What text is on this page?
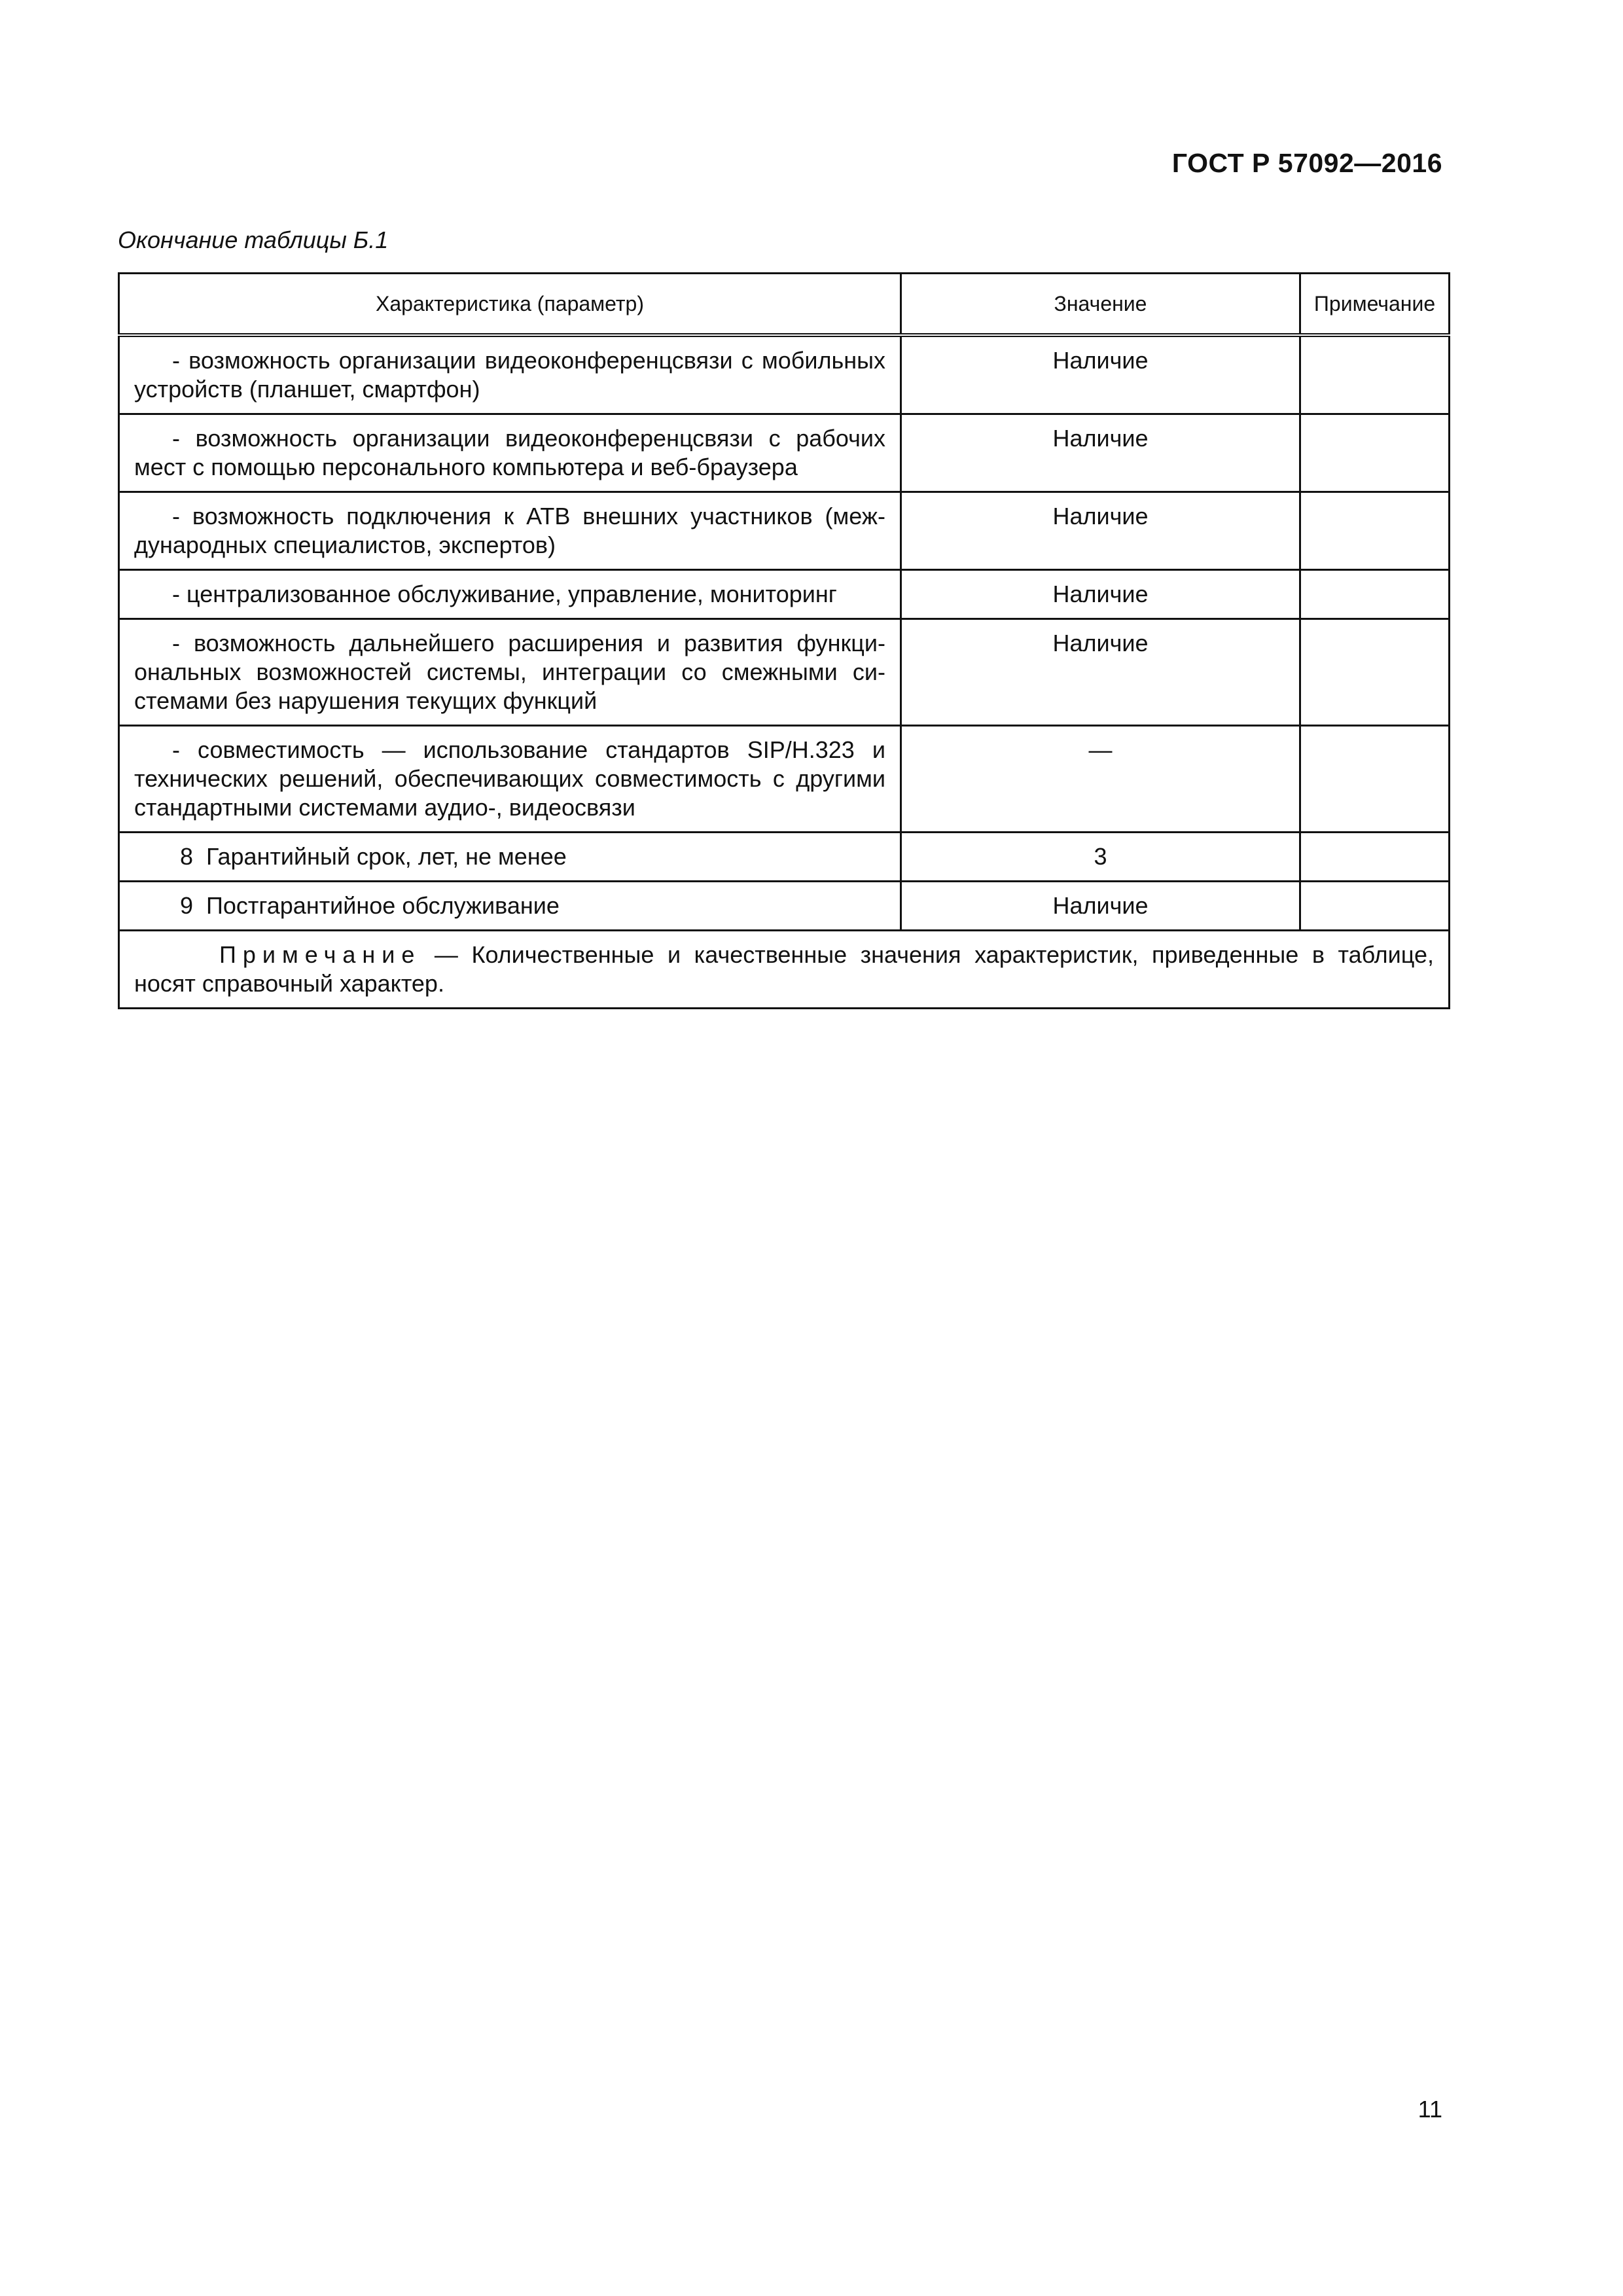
ГОСТ Р 57092—2016
Окончание таблицы Б.1
Характеристика (параметр)	Значение	Примечание
- возможность организации видеоконференцсвязи с мобильных устройств (планшет, смартфон)	Наличие	
- возможность организации видеоконференцсвязи с рабочих мест с помощью персонального компьютера и веб-браузера	Наличие	
- возможность подключения к АТВ внешних участников (международных специалистов, экспертов)	Наличие	
- централизованное обслуживание, управление, мониторинг	Наличие	
- возможность дальнейшего расширения и развития функциональных возможностей системы, интеграции со смежными системами без нарушения текущих функций	Наличие	
- совместимость — использование стандартов SIP/H.323 и технических решений, обеспечивающих совместимость с другими стандартными системами аудио-, видеосвязи	—	
8  Гарантийный срок, лет, не менее	3	
9  Постгарантийное обслуживание	Наличие	
Примечание — Количественные и качественные значения характеристик, приведенные в таблице, носят справочный характер.		
11
